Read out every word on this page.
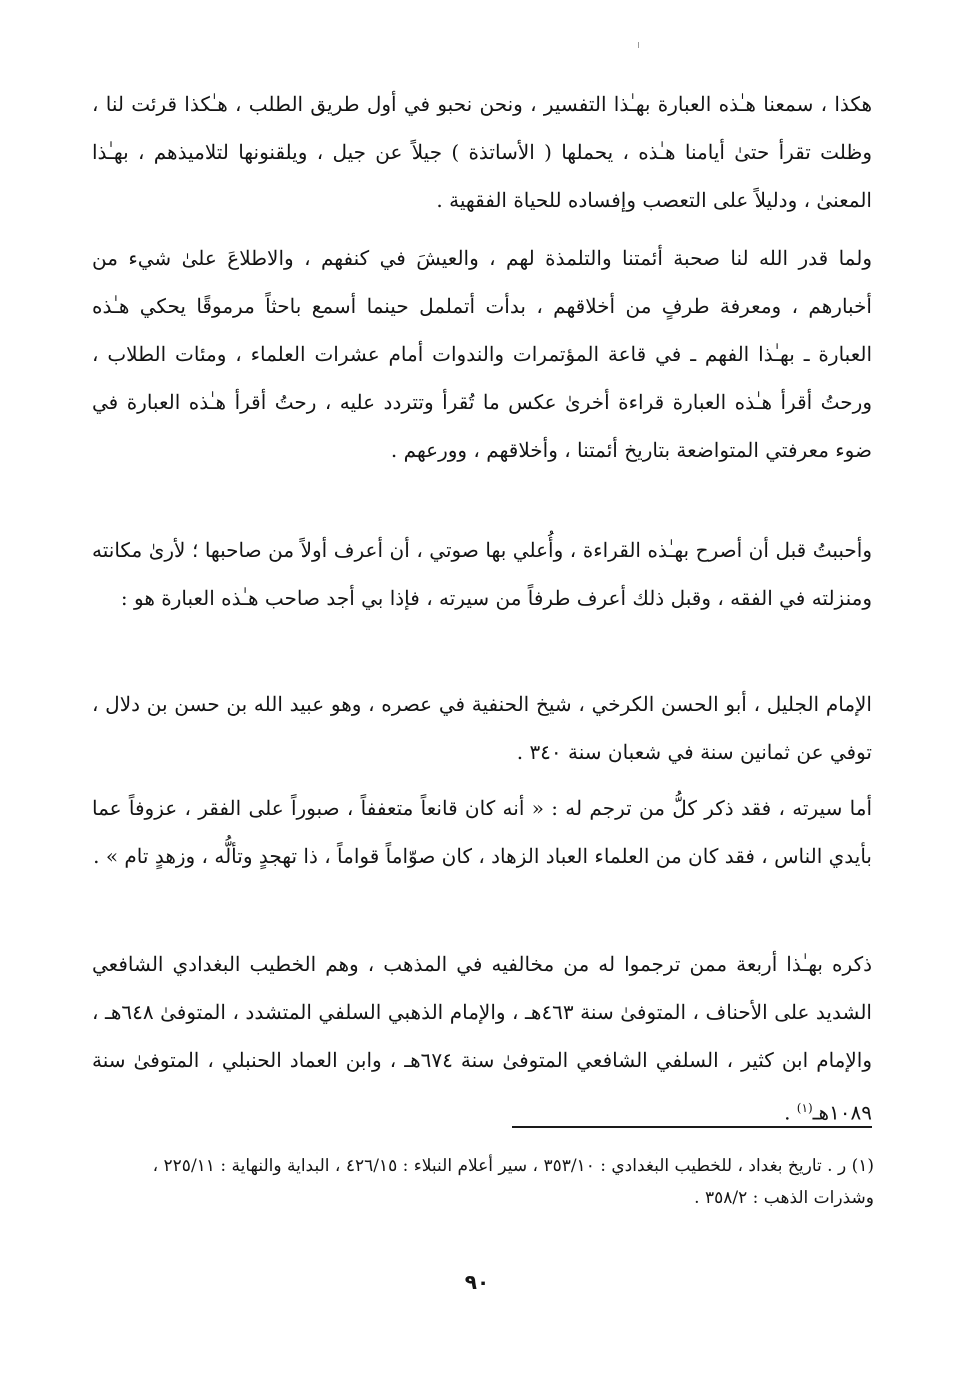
هكذا ، سمعنا هـٰذه العبارة بهـٰذا التفسير ، ونحن نحبو في أول طريق الطلب ، هـٰكذا قرئت لنا ، وظلت تقرأ حتىٰ أيامنا هـٰذه ، يحملها ( الأساتذة ) جيلاً عن جيل ، ويلقنونها لتلاميذهم ، بهـٰذا المعنىٰ ، ودليلاً على التعصب وإفساده للحياة الفقهية .

ولما قدر الله لنا صحبة أئمتنا والتلمذة لهم ، والعيشَ في كنفهم ، والاطلاعَ علىٰ شيء من أخبارهم ، ومعرفة طرفٍ من أخلاقهم ، بدأت أتململ حينما أسمع باحثاً مرموقًا يحكي هـٰذه العبارة ـ بهـٰذا الفهم ـ في قاعة المؤتمرات والندوات أمام عشرات العلماء ، ومئات الطلاب ، ورحتُ أقرأ هـٰذه العبارة قراءة أخرىٰ عكس ما تُقرأ وتتردد عليه ، رحتُ أقرأ هـٰذه العبارة في ضوء معرفتي المتواضعة بتاريخ أئمتنا ، وأخلاقهم ، وورعهم .

وأحببتُ قبل أن أصرح بهـٰذه القراءة ، وأُعلي بها صوتي ، أن أعرف أولاً من صاحبها ؛ لأرىٰ مكانته ومنزلته في الفقه ، وقبل ذلك أعرف طرفاً من سيرته ، فإذا بي أجد صاحب هـٰذه العبارة هو :

الإمام الجليل ، أبو الحسن الكرخي ، شيخ الحنفية في عصره ، وهو عبيد الله بن حسن بن دلال ، توفي عن ثمانين سنة في شعبان سنة ٣٤٠ .

أما سيرته ، فقد ذكر كلُّ من ترجم له : « أنه كان قانعاً متعففاً ، صبوراً على الفقر ، عزوفاً عما بأيدي الناس ، فقد كان من العلماء العباد الزهاد ، كان صوّاماً قواماً ، ذا تهجدٍ وتألُّه ، وزهدٍ تام » .

ذكره بهـٰذا أربعة ممن ترجموا له من مخالفيه في المذهب ، وهم الخطيب البغدادي الشافعي الشديد على الأحناف ، المتوفىٰ سنة ٤٦٣هـ ، والإمام الذهبي السلفي المتشدد ، المتوفىٰ ٦٤٨هـ ، والإمام ابن كثير ، السلفي الشافعي المتوفىٰ سنة ٦٧٤هـ ، وابن العماد الحنبلي ، المتوفىٰ سنة ١٠٨٩هـ$^{(١)}$ .

(١) ر . تاريخ بغداد ، للخطيب البغدادي : ٣٥٣/١٠ ، سير أعلام النبلاء : ٤٢٦/١٥ ، البداية والنهاية : ٢٢٥/١١ ، وشذرات الذهب : ٣٥٨/٢ .

٩٠
